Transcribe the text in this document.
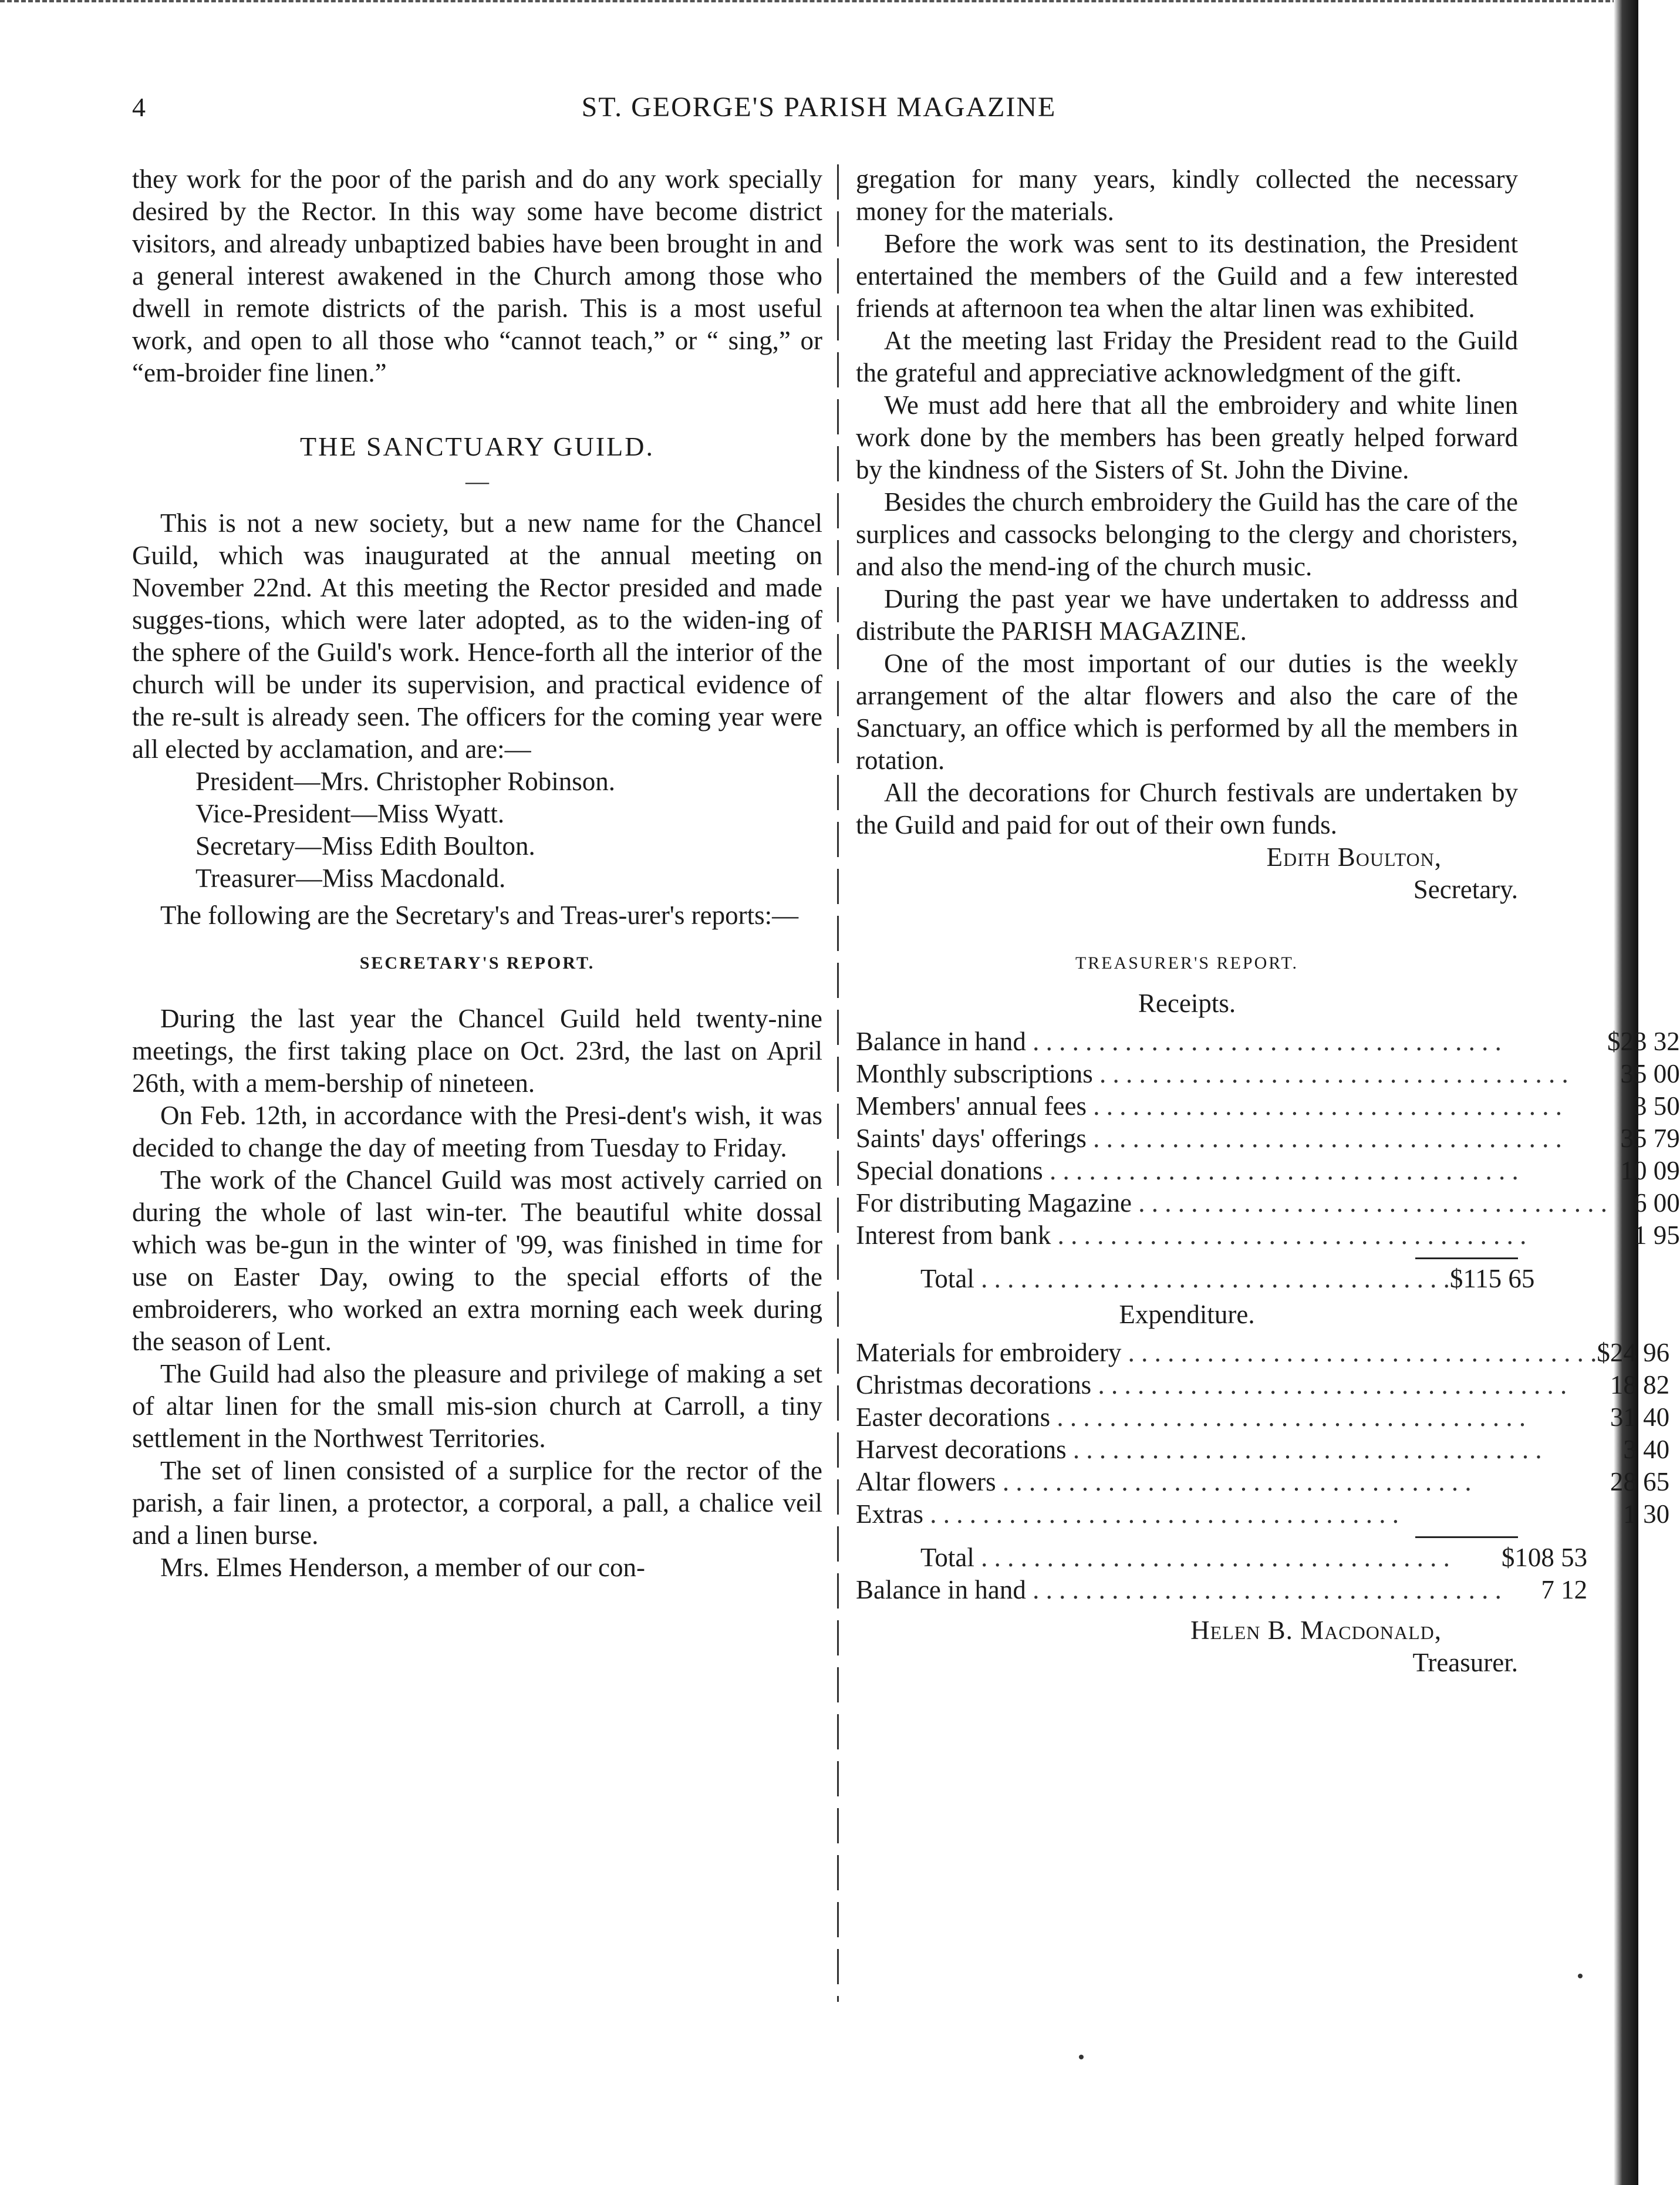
4	ST. GEORGE'S PARISH MAGAZINE

they work for the poor of the parish and do any work specially desired by the Rector. In this way some have become district visitors, and already unbaptized babies have been brought in and a general interest awakened in the Church among those who dwell in remote districts of the parish. This is a most useful work, and open to all those who “cannot teach,” or “ sing,” or “em-broider fine linen.”

THE SANCTUARY GUILD.
—

This is not a new society, but a new name for the Chancel Guild, which was inaugurated at the annual meeting on November 22nd. At this meeting the Rector presided and made sugges-tions, which were later adopted, as to the widen-ing of the sphere of the Guild's work. Hence-forth all the interior of the church will be under its supervision, and practical evidence of the re-sult is already seen. The officers for the coming year were all elected by acclamation, and are:—

President—Mrs. Christopher Robinson.
Vice-President—Miss Wyatt.
Secretary—Miss Edith Boulton.
Treasurer—Miss Macdonald.

The following are the Secretary's and Treas-urer's reports:—

SECRETARY'S REPORT.

During the last year the Chancel Guild held twenty-nine meetings, the first taking place on Oct. 23rd, the last on April 26th, with a mem-bership of nineteen.

On Feb. 12th, in accordance with the Presi-dent's wish, it was decided to change the day of meeting from Tuesday to Friday.

The work of the Chancel Guild was most actively carried on during the whole of last win-ter. The beautiful white dossal which was be-gun in the winter of '99, was finished in time for use on Easter Day, owing to the special efforts of the embroiderers, who worked an extra morning each week during the season of Lent.

The Guild had also the pleasure and privilege of making a set of altar linen for the small mis-sion church at Carroll, a tiny settlement in the Northwest Territories.

The set of linen consisted of a surplice for the rector of the parish, a fair linen, a protector, a corporal, a pall, a chalice veil and a linen burse.

Mrs. Elmes Henderson, a member of our con-

gregation for many years, kindly collected the necessary money for the materials.

Before the work was sent to its destination, the President entertained the members of the Guild and a few interested friends at afternoon tea when the altar linen was exhibited.

At the meeting last Friday the President read to the Guild the grateful and appreciative acknowledgment of the gift.

We must add here that all the embroidery and white linen work done by the members has been greatly helped forward by the kindness of the Sisters of St. John the Divine.

Besides the church embroidery the Guild has the care of the surplices and cassocks belonging to the clergy and choristers, and also the mend-ing of the church music.

During the past year we have undertaken to addresss and distribute the PARISH MAGAZINE.

One of the most important of our duties is the weekly arrangement of the altar flowers and also the care of the Sanctuary, an office which is performed by all the members in rotation.

All the decorations for Church festivals are undertaken by the Guild and paid for out of their own funds.

Edith Boulton,
Secretary.
TREASURER'S REPORT.
Receipts.
Balance in hand . . .	$23 32
Monthly subscriptions . . .	35 00
Members' annual fees . . .	3 50
Saints' days' offerings . . .	35 79
Special donations . . .	10 09
For distributing Magazine . . .	6 00
Interest from bank . . .	1 95
Total . . .	$115 65
Expenditure.
Materials for embroidery . . .	$24 96
Christmas decorations . . .	18 82
Easter decorations . . .	31 40
Harvest decorations . . .	3 40
Altar flowers . . .	28 65
Extras . . .	1 30
Total . . .	$108 53
Balance in hand . . .	7 12
Helen B. Macdonald,
Treasurer.
